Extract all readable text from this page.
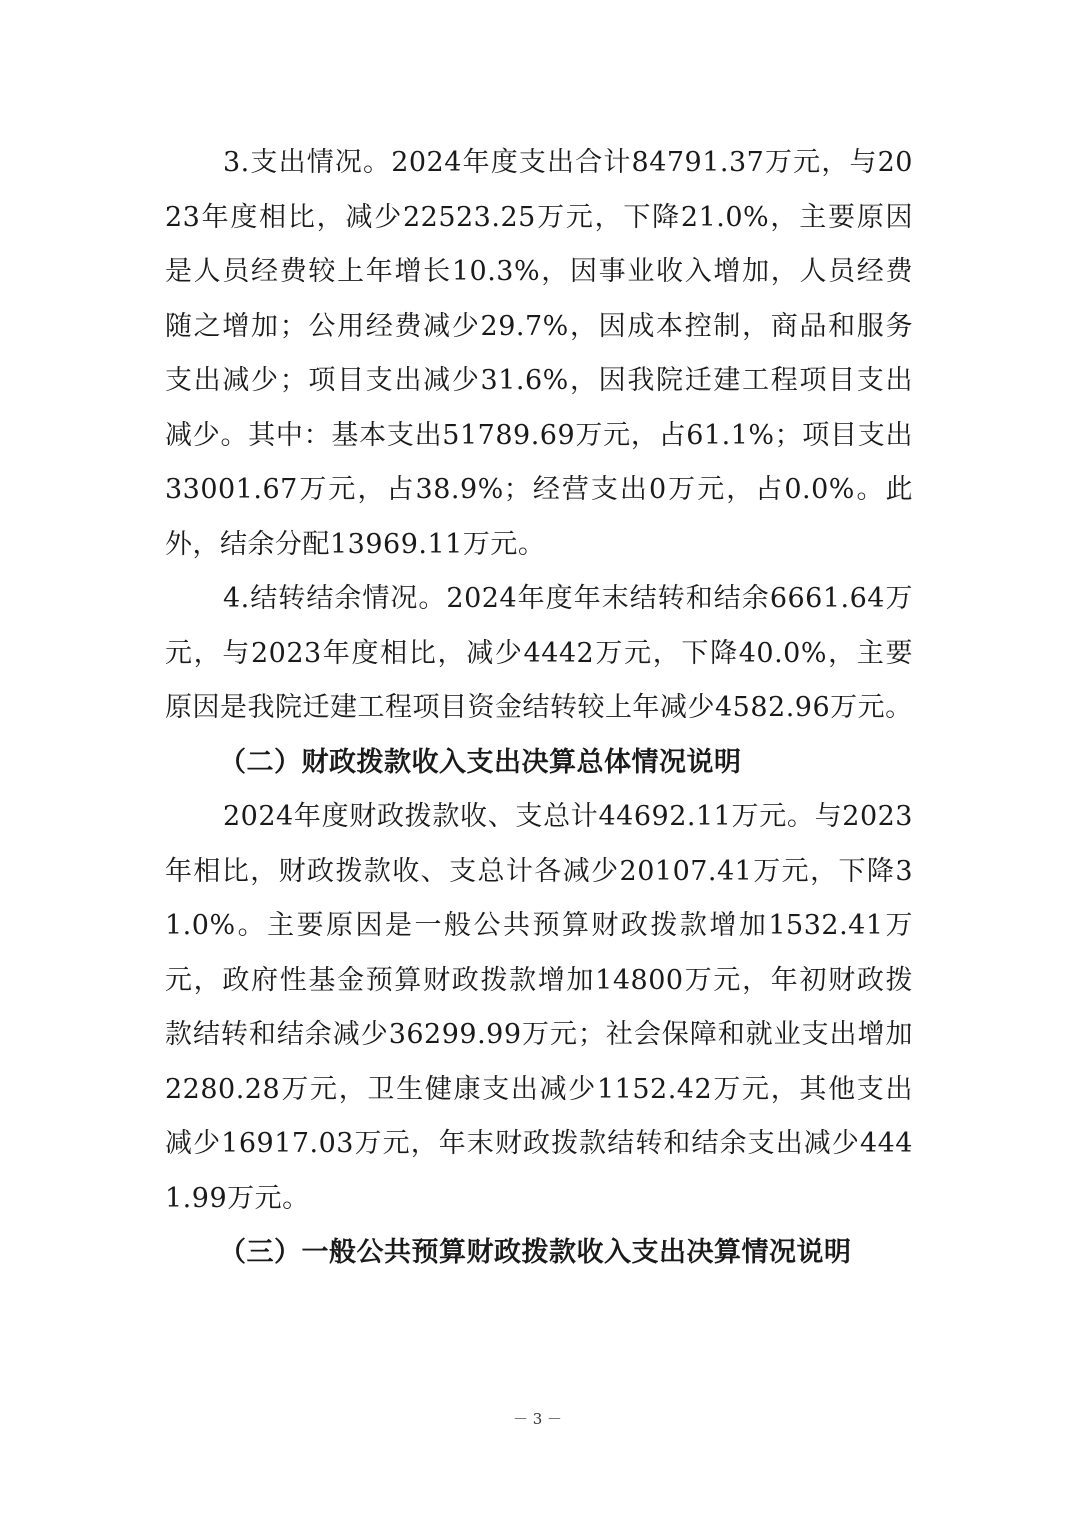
3.支出情况。2024年度支出合计84791.37万元，与2023年度相比，减少22523.25万元，下降21.0%，主要原因是人员经费较上年增长10.3%，因事业收入增加，人员经费随之增加；公用经费减少29.7%，因成本控制，商品和服务支出减少；项目支出减少31.6%，因我院迁建工程项目支出减少。其中：基本支出51789.69万元，占61.1%；项目支出33001.67万元，占38.9%；经营支出0万元，占0.0%。此外，结余分配13969.11万元。

4.结转结余情况。2024年度年末结转和结余6661.64万元，与2023年度相比，减少4442万元，下降40.0%，主要原因是我院迁建工程项目资金结转较上年减少4582.96万元。

（二）财政拨款收入支出决算总体情况说明

2024年度财政拨款收、支总计44692.11万元。与2023年相比，财政拨款收、支总计各减少20107.41万元，下降31.0%。主要原因是一般公共预算财政拨款增加1532.41万元，政府性基金预算财政拨款增加14800万元，年初财政拨款结转和结余减少36299.99万元；社会保障和就业支出增加2280.28万元，卫生健康支出减少1152.42万元，其他支出减少16917.03万元，年末财政拨款结转和结余支出减少4441.99万元。

（三）一般公共预算财政拨款收入支出决算情况说明

－ 3 －
